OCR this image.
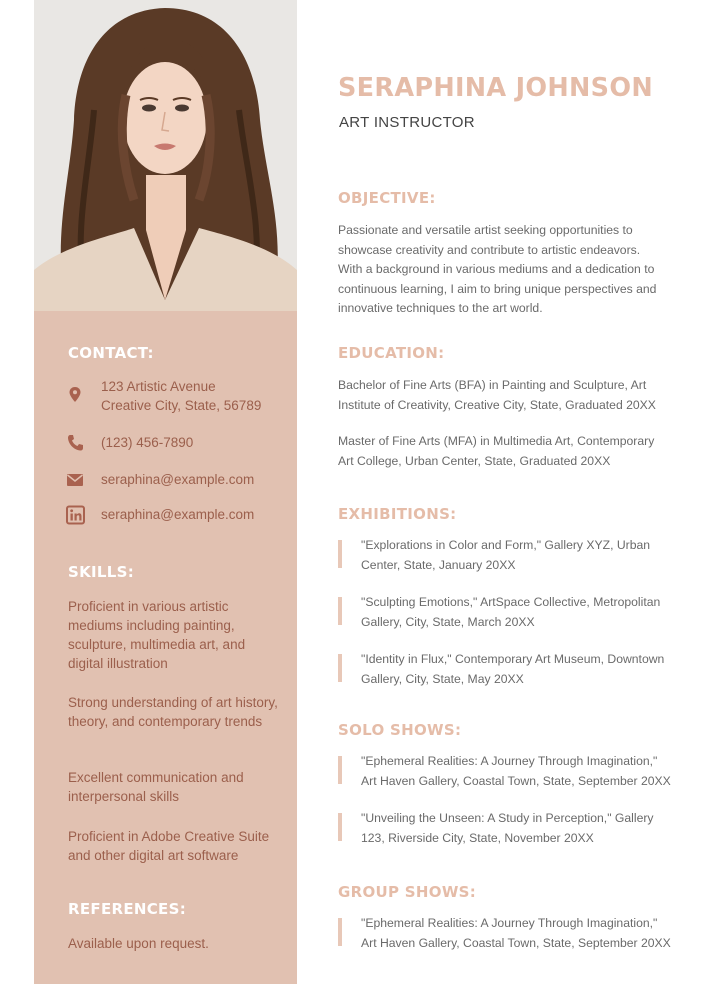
CONTACT:
123 Artistic Avenue
Creative City, State, 56789
(123) 456-7890
seraphina@example.com
seraphina@example.com
SKILLS:

Proficient in various artistic mediums including painting, sculpture, multimedia art, and digital illustration

Strong understanding of art history, theory, and contemporary trends

Excellent communication and interpersonal skills

Proficient in Adobe Creative Suite and other digital art software

REFERENCES:

Available upon request.

SERAPHINA JOHNSON
ART INSTRUCTOR
OBJECTIVE:

Passionate and versatile artist seeking opportunities to showcase creativity and contribute to artistic endeavors. With a background in various mediums and a dedication to continuous learning, I aim to bring unique perspectives and innovative techniques to the art world.

EDUCATION:

Bachelor of Fine Arts (BFA) in Painting and Sculpture, Art Institute of Creativity, Creative City, State, Graduated 20XX

Master of Fine Arts (MFA) in Multimedia Art, Contemporary Art College, Urban Center, State, Graduated 20XX

EXHIBITIONS:

"Explorations in Color and Form," Gallery XYZ, Urban Center, State, January 20XX

"Sculpting Emotions," ArtSpace Collective, Metropolitan Gallery, City, State, March 20XX

"Identity in Flux," Contemporary Art Museum, Downtown Gallery, City, State, May 20XX

SOLO SHOWS:

"Ephemeral Realities: A Journey Through Imagination," Art Haven Gallery, Coastal Town, State, September 20XX

"Unveiling the Unseen: A Study in Perception," Gallery 123, Riverside City, State, November 20XX

GROUP SHOWS:

"Ephemeral Realities: A Journey Through Imagination," Art Haven Gallery, Coastal Town, State, September 20XX
